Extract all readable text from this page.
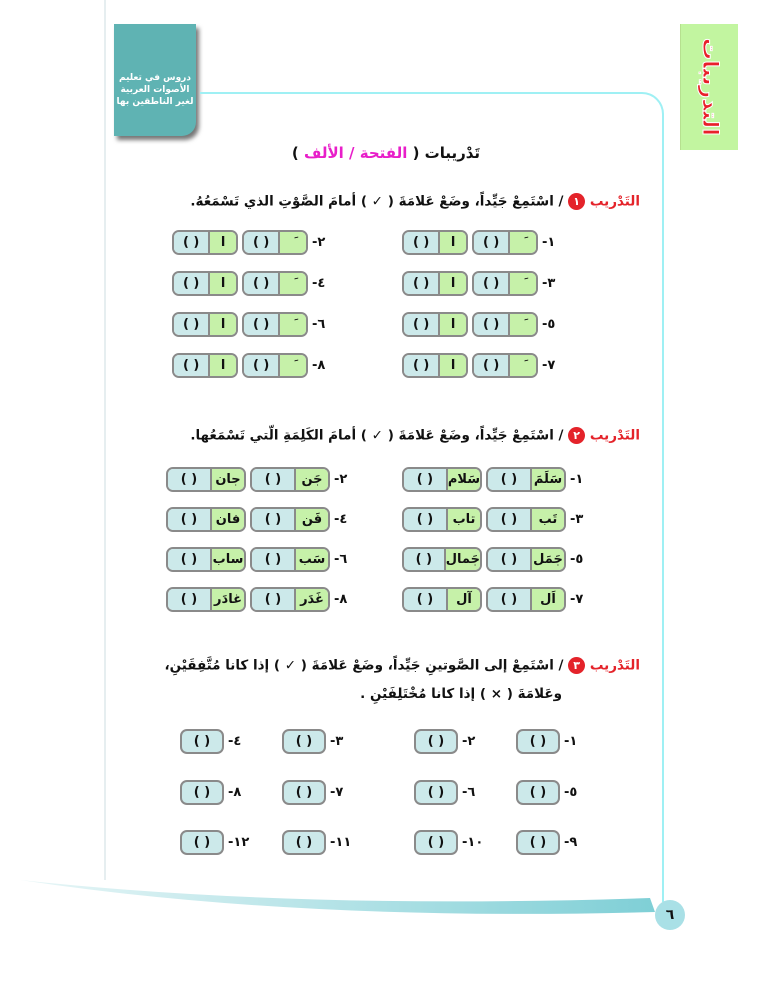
دروس في تعليم
الأصوات العربية
لغير الناطقين بها	التدريبات
تَدْريبات ( الفتحة / الألف )
التَدْريب ١ / اسْتَمِعْ جَيِّداً، وضَعْ عَلامَةَ ( ✓ ) أمامَ الصَّوْتِ الذي تَسْمَعُهُ.
التَدْريب ٢ / اسْتَمِعْ جَيِّداً، وضَعْ عَلامَةَ ( ✓ ) أمامَ الكَلِمَةِ الّتي تَسْمَعُها.
التَدْريب ٣ / اسْتَمِعْ إلى الصَّوتينِ جَيِّداً، وضَعْ عَلامَةَ ( ✓ ) إذا كانا مُتَّفِقَيْنِ،
وعَلامَةَ ( × ) إذا كانا مُخْتَلِفَيْنِ .
١-
( )
ا
( )
٢-
( )
ا
( )
٣-
( )
ا
( )
٤-
( )
ا
( )
٥-
( )
ا
( )
٦-
( )
ا
( )
٧-
( )
ا
( )
٨-
( )
ا
( )
١-
سَلَمَ
( )
سَلام
( )
٢-
جَن
( )
جان
( )
٣-
تَب
( )
تاب
( )
٤-
فَن
( )
فان
( )
٥-
جَمَل
( )
جَمال
( )
٦-
سَب
( )
ساب
( )
٧-
اَل
( )
آل
( )
٨-
غَدَر
( )
غادَر
( )
١-
( )
٢-
( )
٣-
( )
٤-
( )
٥-
( )
٦-
( )
٧-
( )
٨-
( )
٩-
( )
١٠-
( )
١١-
( )
١٢-
( )
٦
